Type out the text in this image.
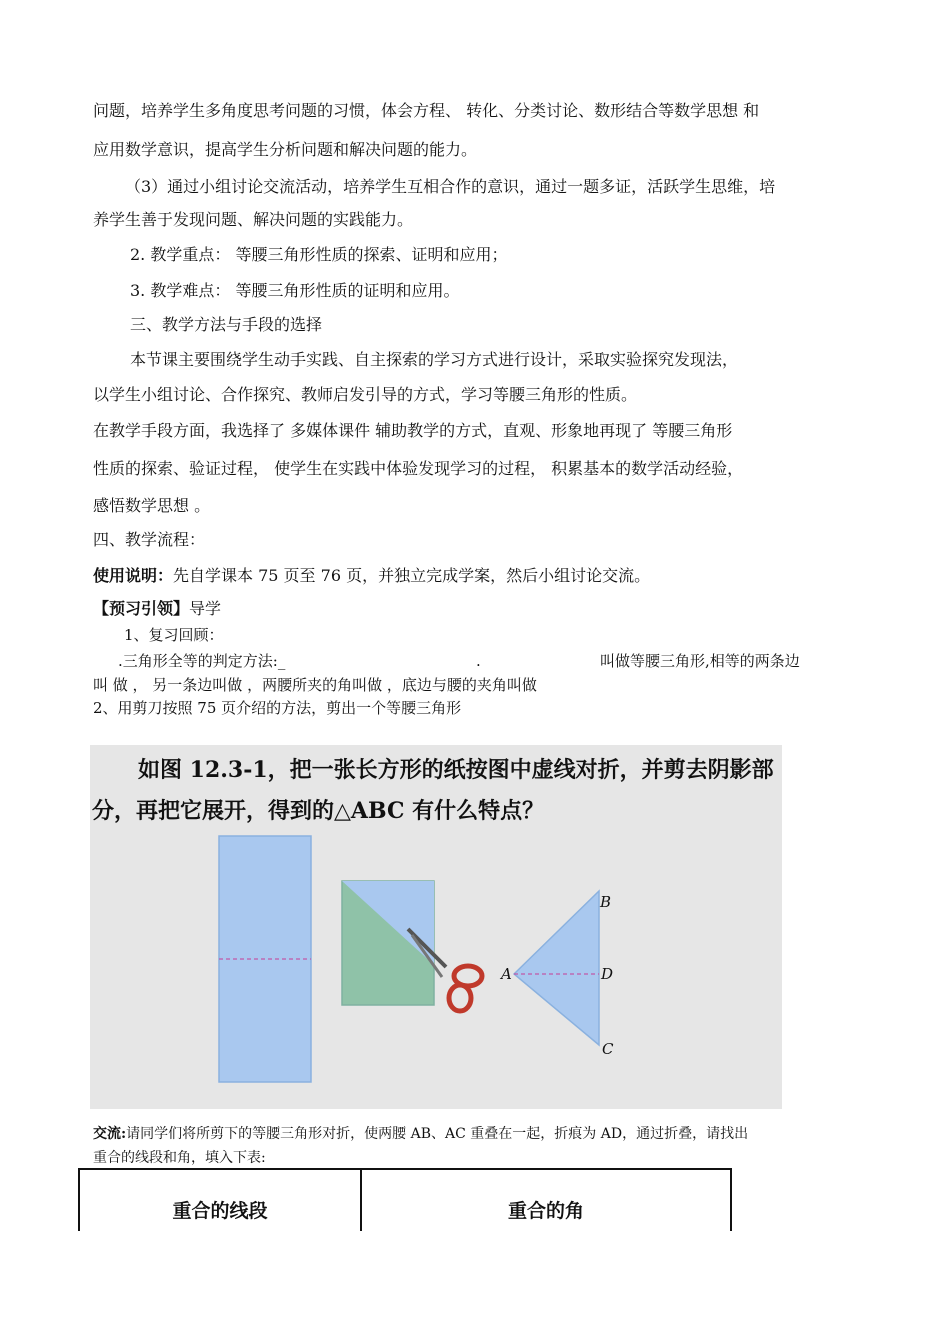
问题，培养学生多角度思考问题的习惯，体会方程、 转化、分类讨论、数形结合等数学思想 和
应用数学意识，提高学生分析问题和解决问题的能力。
（3）通过小组讨论交流活动，培养学生互相合作的意识，通过一题多证，活跃学生思维，培
养学生善于发现问题、解决问题的实践能力。
2. 教学重点： 等腰三角形性质的探索、证明和应用；
3. 教学难点： 等腰三角形性质的证明和应用。
三、教学方法与手段的选择
本节课主要围绕学生动手实践、自主探索的学习方式进行设计，采取实验探究发现法，
以学生小组讨论、合作探究、教师启发引导的方式，学习等腰三角形的性质。
在教学手段方面，我选择了 多媒体课件 辅助教学的方式，直观、形象地再现了 等腰三角形
性质的探索、验证过程， 使学生在实践中体验发现学习的过程， 积累基本的数学活动经验，
感悟数学思想 。
四、教学流程：
使用说明：先自学课本 75 页至 76 页，并独立完成学案，然后小组讨论交流。
【预习引领】导学
1、复习回顾：
.三角形全等的判定方法:_	.	叫做等腰三角形,相等的两条边
叫 做 ， 另一条边叫做 ，两腰所夹的角叫做 ，底边与腰的夹角叫做
2、用剪刀按照 75 页介绍的方法，剪出一个等腰三角形
如图 12.3-1，把一张长方形的纸按图中虚线对折，并剪去阴影部
分，再把它展开，得到的△ABC 有什么特点？
A
B
D
C
交流:请同学们将所剪下的等腰三角形对折，使两腰 AB、AC 重叠在一起，折痕为 AD，通过折叠，请找出
重合的线段和角，填入下表:
重合的线段	重合的角
